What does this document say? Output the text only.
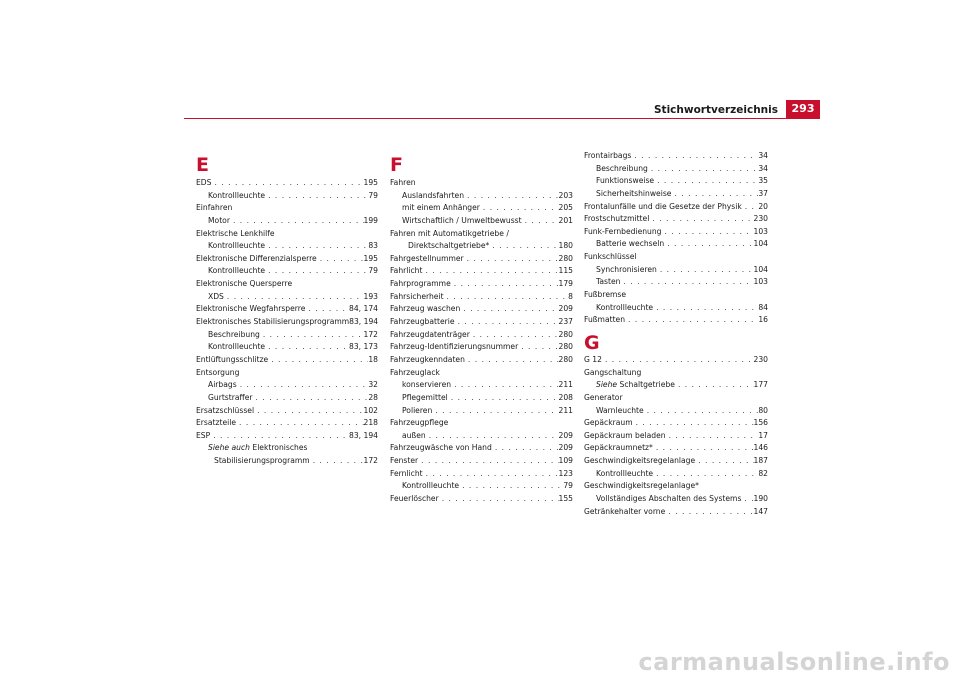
Stichwortverzeichnis	293
E
EDS . . .	195
Kontrollleuchte . . .	79
Einfahren
Motor . . .	199
Elektrische Lenkhilfe
Kontrollleuchte . . .	83
Elektronische Differenzialsperre . . .	195
Kontrollleuchte . . .	79
Elektronische Quersperre
XDS . . .	193
Elektronische Wegfahrsperre . . .	84, 174
Elektronisches Stabilisierungsprogramm 83, 194
Beschreibung . . .	172
Kontrollleuchte . . .	83, 173
Entlüftungsschlitze . . .	18
Entsorgung
Airbags . . .	32
Gurtstraffer . . .	28
Ersatzschlüssel . . .	102
Ersatzteile . . .	218
ESP . . .	83, 194
Siehe auch Elektronisches
Stabilisierungsprogramm . . .	172
F
Fahren
Auslandsfahrten . . .	203
mit einem Anhänger . . .	205
Wirtschaftlich / Umweltbewusst . . .	201
Fahren mit Automatikgetriebe /
Direktschaltgetriebe* . . .	180
Fahrgestellnummer . . .	280
Fahrlicht . . .	115
Fahrprogramme . . .	179
Fahrsicherheit . . .	8
Fahrzeug waschen . . .	209
Fahrzeugbatterie . . .	237
Fahrzeugdatenträger . . .	280
Fahrzeug-Identifizierungsnummer . . .	280
Fahrzeugkenndaten . . .	280
Fahrzeuglack
konservieren . . .	211
Pflegemittel . . .	208
Polieren . . .	211
Fahrzeugpflege
außen . . .	209
Fahrzeugwäsche von Hand . . .	209
Fenster . . .	109
Fernlicht . . .	123
Kontrollleuchte . . .	79
Feuerlöscher . . .	155
Frontairbags . . .	34
Beschreibung . . .	34
Funktionsweise . . .	35
Sicherheitshinweise . . .	37
Frontalunfälle und die Gesetze der Physik . . . 20
Frostschutzmittel . . .	230
Funk-Fernbedienung . . .	103
Batterie wechseln . . .	104
Funkschlüssel
Synchronisieren . . .	104
Tasten . . .	103
Fußbremse
Kontrollleuchte . . .	84
Fußmatten . . .	16
G
G 12 . . .	230
Gangschaltung
Siehe Schaltgetriebe . . .	177
Generator
Warnleuchte . . .	80
Gepäckraum . . .	156
Gepäckraum beladen . . .	17
Gepäckraumnetz* . . .	146
Geschwindigkeitsregelanlage . . .	187
Kontrollleuchte . . .	82
Geschwindigkeitsregelanlage*
Vollständiges Abschalten des Systems . . . 190
Getränkehalter vorne . . .	147
carmanualsonline.info
